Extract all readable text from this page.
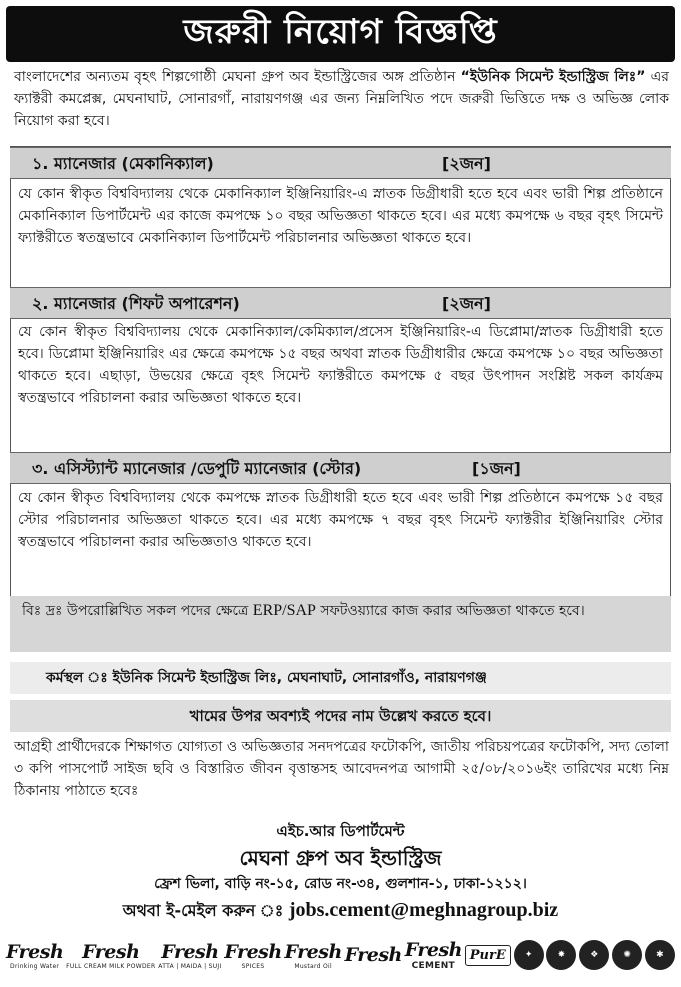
জরুরী নিয়োগ বিজ্ঞপ্তি
বাংলাদেশের অন্যতম বৃহৎ শিল্পগোষ্ঠী মেঘনা গ্রুপ অব ইন্ডাস্ট্রিজের অঙ্গ প্রতিষ্ঠান “ইউনিক সিমেন্ট ইন্ডাস্ট্রিজ লিঃ” এর ফ্যাক্টরী কমপ্লেক্স, মেঘনাঘাট, সোনারগাঁ, নারায়ণগঞ্জ এর জন্য নিম্নলিখিত পদে জরুরী ভিত্তিতে দক্ষ ও অভিজ্ঞ লোক নিয়োগ করা হবে।
১. ম্যানেজার (মেকানিক্যাল)	[২জন]
যে কোন স্বীকৃত বিশ্ববিদ্যালয় থেকে মেকানিক্যাল ইঞ্জিনিয়ারিং-এ স্নাতক ডিগ্রীধারী হতে হবে এবং ভারী শিল্প প্রতিষ্ঠানে মেকানিক্যাল ডিপার্টমেন্ট এর কাজে কমপক্ষে ১০ বছর অভিজ্ঞতা থাকতে হবে। এর মধ্যে কমপক্ষে ৬ বছর বৃহৎ সিমেন্ট ফ্যাক্টরীতে স্বতন্ত্রভাবে মেকানিক্যাল ডিপার্টমেন্ট পরিচালনার অভিজ্ঞতা থাকতে হবে।
২. ম্যানেজার (শিফট অপারেশন)	[২জন]
যে কোন স্বীকৃত বিশ্ববিদ্যালয় থেকে মেকানিক্যাল/কেমিক্যাল/প্রসেস ইঞ্জিনিয়ারিং-এ ডিপ্লোমা/স্নাতক ডিগ্রীধারী হতে হবে। ডিপ্লোমা ইঞ্জিনিয়ারিং এর ক্ষেত্রে কমপক্ষে ১৫ বছর অথবা স্নাতক ডিগ্রীধারীর ক্ষেত্রে কমপক্ষে ১০ বছর অভিজ্ঞতা থাকতে হবে। এছাড়া, উভয়ের ক্ষেত্রে বৃহৎ সিমেন্ট ফ্যাক্টরীতে কমপক্ষে ৫ বছর উৎপাদন সংশ্লিষ্ট সকল কার্যক্রম স্বতন্ত্রভাবে পরিচালনা করার অভিজ্ঞতা থাকতে হবে।
৩. এসিস্ট্যান্ট ম্যানেজার /ডেপুটি ম্যানেজার (স্টোর)	[১জন]
যে কোন স্বীকৃত বিশ্ববিদ্যালয় থেকে কমপক্ষে স্নাতক ডিগ্রীধারী হতে হবে এবং ভারী শিল্প প্রতিষ্ঠানে কমপক্ষে ১৫ বছর স্টোর পরিচালনার অভিজ্ঞতা থাকতে হবে। এর মধ্যে কমপক্ষে ৭ বছর বৃহৎ সিমেন্ট ফ্যাক্টরীর ইঞ্জিনিয়ারিং স্টোর স্বতন্ত্রভাবে পরিচালনা করার অভিজ্ঞতাও থাকতে হবে।
বিঃ দ্রঃ উপরোল্লিখিত সকল পদের ক্ষেত্রে ERP/SAP সফটওয়্যারে কাজ করার অভিজ্ঞতা থাকতে হবে।
কর্মস্থল ঃ ইউনিক সিমেন্ট ইন্ডাস্ট্রিজ লিঃ, মেঘনাঘাট, সোনারগাঁও, নারায়ণগঞ্জ
খামের উপর অবশ্যই পদের নাম উল্লেখ করতে হবে।
আগ্রহী প্রার্থীদেরকে শিক্ষাগত যোগ্যতা ও অভিজ্ঞতার সনদপত্রের ফটোকপি, জাতীয় পরিচয়পত্রের ফটোকপি, সদ্য তোলা ৩ কপি পাসপোর্ট সাইজ ছবি ও বিস্তারিত জীবন বৃত্তান্তসহ আবেদনপত্র আগামী ২৫/০৮/২০১৬ইং তারিখের মধ্যে নিম্ন ঠিকানায় পাঠাতে হবেঃ
এইচ.আর ডিপার্টমেন্ট
মেঘনা গ্রুপ অব ইন্ডাস্ট্রিজ
ফ্রেশ ভিলা, বাড়ি নং-১৫, রোড নং-৩৪, গুলশান-১, ঢাকা-১২১২।
অথবা ই-মেইল করুন ঃ jobs.cement@meghnagroup.biz
Fresh
Drinking Water
Fresh
FULL CREAM MILK POWDER
Fresh
ATTA | MAIDA | SUJI
Fresh
SPICES
Fresh
Mustard Oil Fresh Fresh
CEMENT
PurE	✦	✸	❖	✺	✱
